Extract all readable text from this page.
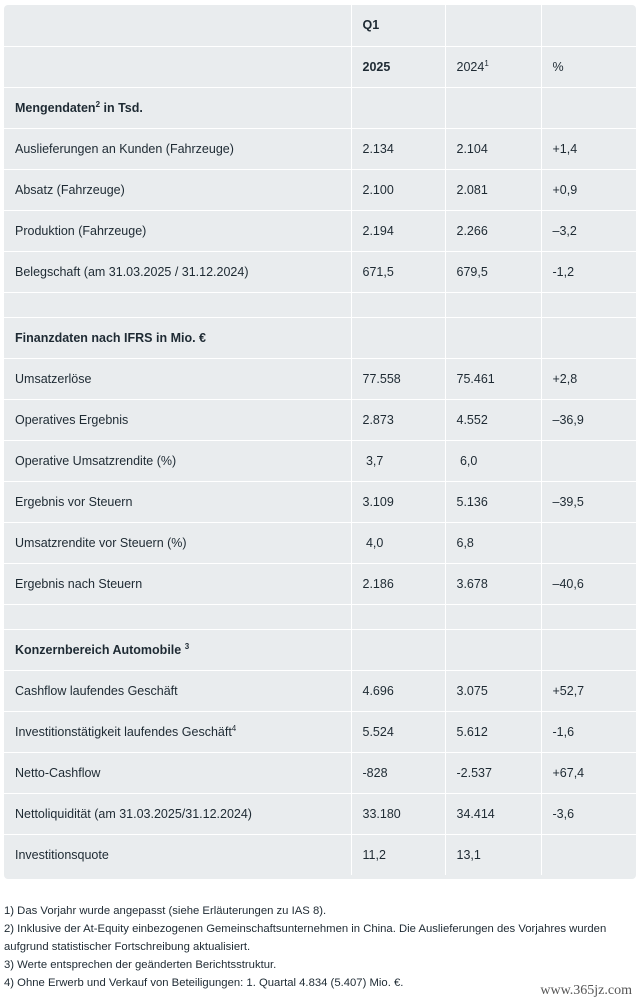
	Q1		
	2025	2024$^1$	%
Mengendaten$^2$ in Tsd.			
Auslieferungen an Kunden (Fahrzeuge)	2.134	2.104	+1,4
Absatz (Fahrzeuge)	2.100	2.081	+0,9
Produktion (Fahrzeuge)	2.194	2.266	–3,2
Belegschaft (am 31.03.2025 / 31.12.2024)	671,5	679,5	-1,2

Finanzdaten nach IFRS in Mio. €			
Umsatzerlöse	77.558	75.461	+2,8
Operatives Ergebnis	2.873	4.552	–36,9
Operative Umsatzrendite (%)	3,7	6,0	
Ergebnis vor Steuern	3.109	5.136	–39,5
Umsatzrendite vor Steuern (%)	4,0	6,8	
Ergebnis nach Steuern	2.186	3.678	–40,6

Konzernbereich Automobile $^3$			
Cashflow laufendes Geschäft	4.696	3.075	+52,7
Investitionstätigkeit laufendes Geschäft$^4$	5.524	5.612	-1,6
Netto-Cashflow	-828	-2.537	+67,4
Nettoliquidität (am 31.03.2025/31.12.2024)	33.180	34.414	-3,6
Investitionsquote	11,2	13,1	

1) Das Vorjahr wurde angepasst (siehe Erläuterungen zu IAS 8).

2) Inklusive der At-Equity einbezogenen Gemeinschaftsunternehmen in China. Die Auslieferungen des Vorjahres wurden aufgrund statistischer Fortschreibung aktualisiert.

3) Werte entsprechen der geänderten Berichtsstruktur.

4) Ohne Erwerb und Verkauf von Beteiligungen: 1. Quartal 4.834 (5.407) Mio. €.	www.365jz.com
